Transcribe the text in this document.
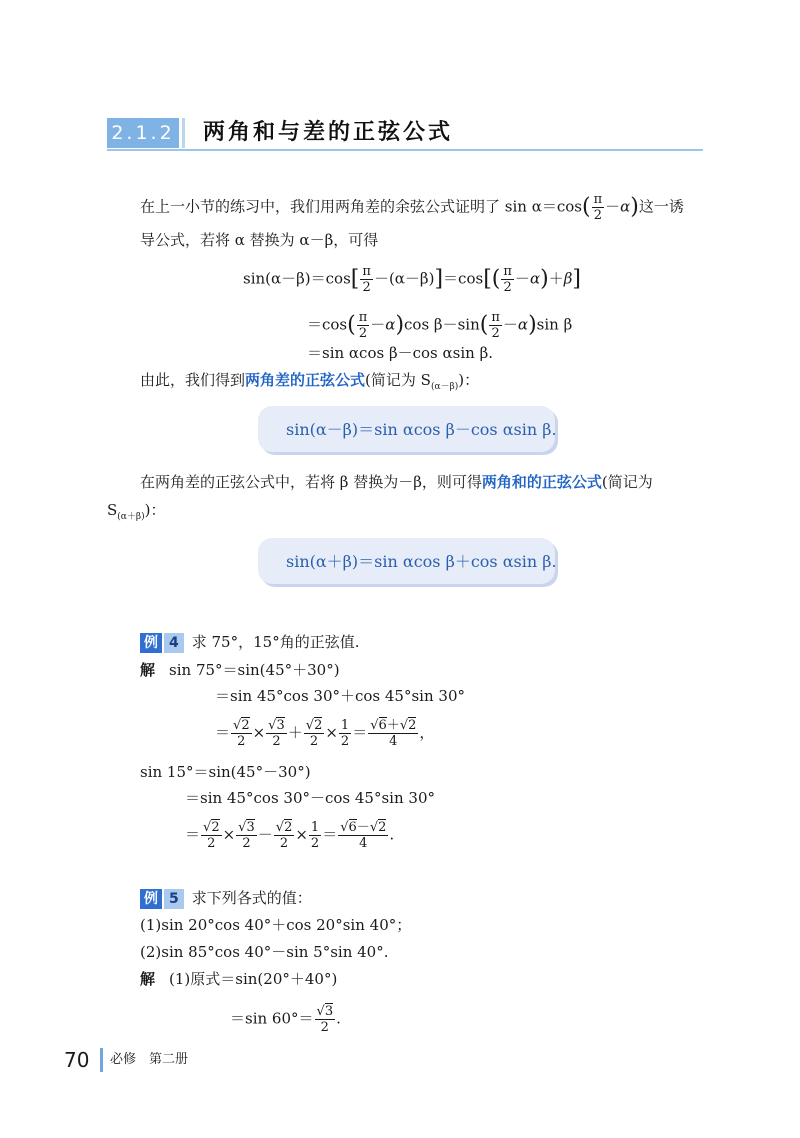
2.1.2 两角和与差的正弦公式
在上一小节的练习中，我们用两角差的余弦公式证明了 $\sin \alpha=\cos( \frac{\pi}{2} -\alpha)$这一诱
导公式，若将 α 替换为 α－β，可得
$\sin(\alpha-\beta)=\cos[ \frac{\pi}{2} -(\alpha-\beta)]=\cos[( \frac{\pi}{2} -\alpha)+\beta]$
$=\cos( \frac{\pi}{2} -\alpha)\cos$ $\beta-\sin( \frac{\pi}{2} -\alpha)\sin$ β
＝sin αcos β－cos αsin β.
由此，我们得到两角差的正弦公式(简记为 $S_{(\alpha-\beta)}$)：
sin(α－β)＝sin αcos β－cos αsin β.
在两角差的正弦公式中，若将 β 替换为－β，则可得两角和的正弦公式(简记为
$S_{(\alpha+\beta)}$)：
sin(α＋β)＝sin αcos β＋cos αsin β.
例 4 求 75°，15°角的正弦值.
解 sin 75°＝sin(45°＋30°)
＝sin 45°cos 30°＋cos 45°sin 30°
＝ $\frac{√2}{2} \times \frac{√3}{2} + \frac{√2}{2} \times \frac{1}{2} = \frac{√6+√2}{4}$ ，
sin 15°＝sin(45°－30°)
＝sin 45°cos 30°－cos 45°sin 30°
＝ $\frac{√2}{2} \times \frac{√3}{2} - \frac{√2}{2} \times \frac{1}{2} = \frac{√6-√2}{4}$ .
例 5 求下列各式的值：
(1)sin 20°cos 40°＋cos 20°sin 40°；
(2)sin 85°cos 40°－sin 5°sin 40°.
解 (1)原式＝sin(20°＋40°)
＝sin $60^\circ= \frac{√3}{2}$ .
70 必修　第二册
